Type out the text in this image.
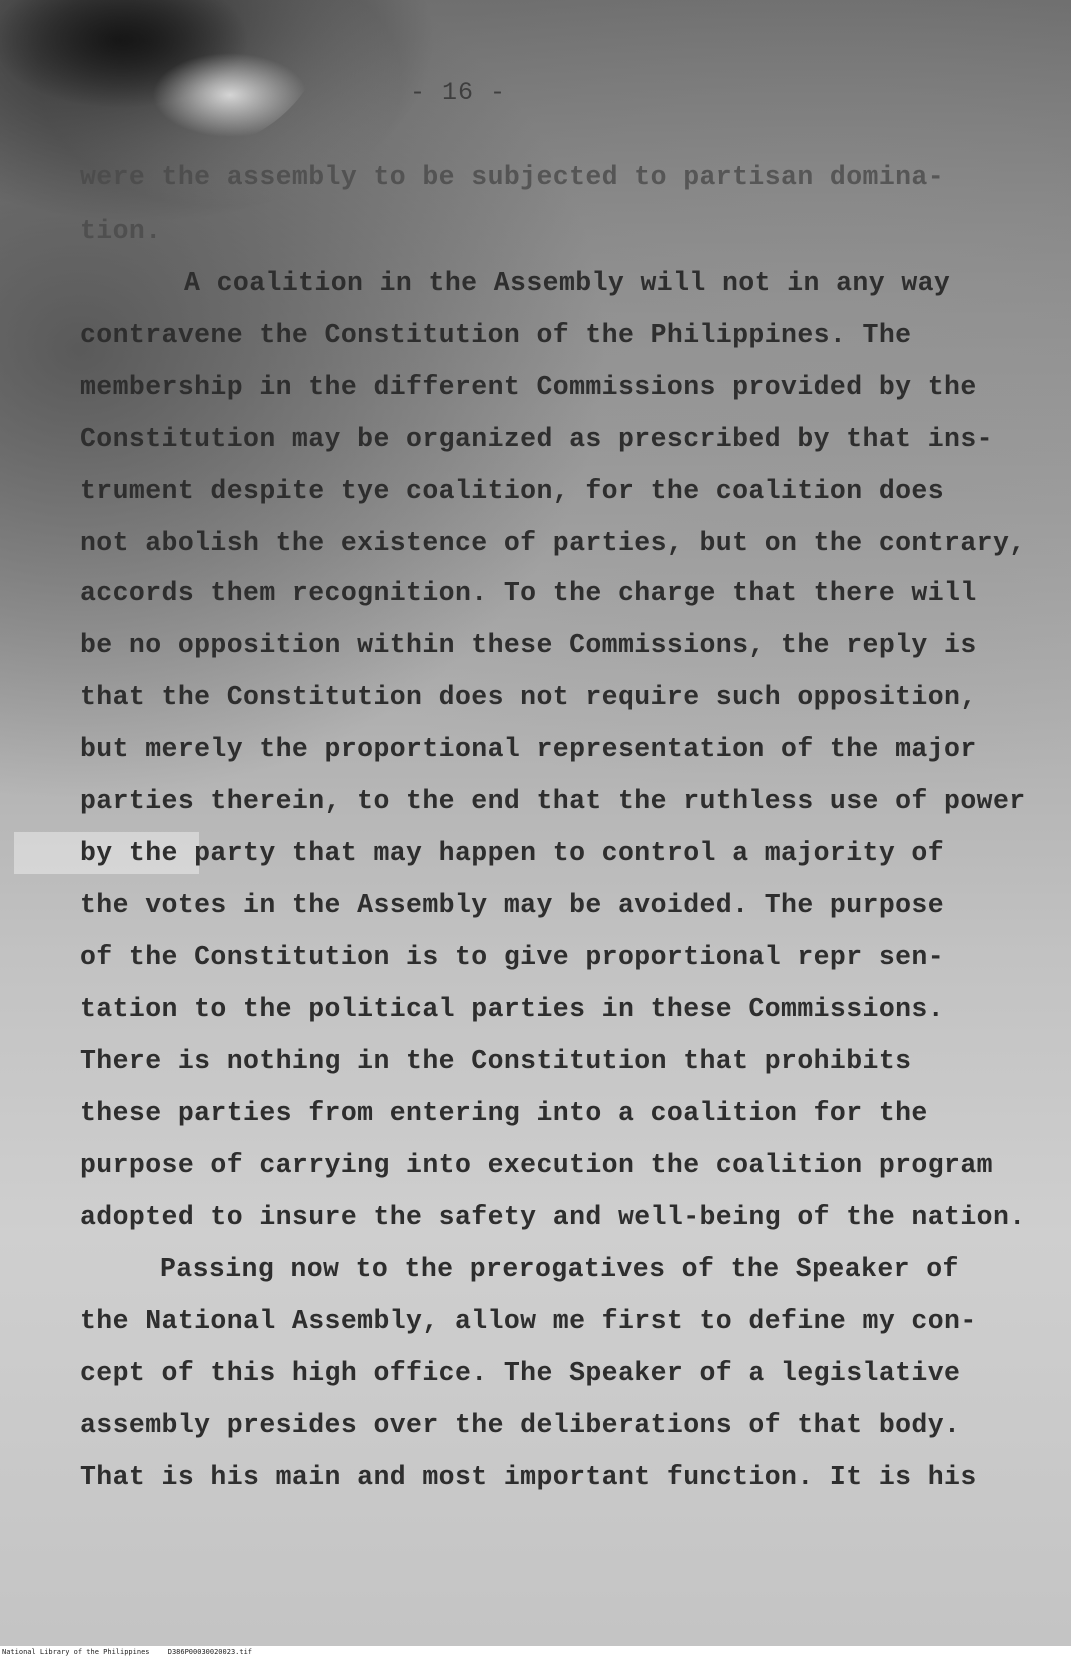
- 16 -
were the assembly to be subjected to partisan domina-
tion.
A coalition in the Assembly will not in any way
contravene the Constitution of the Philippines. The
membership in the different Commissions provided by the
Constitution may be organized as prescribed by that ins-
trument despite tye coalition, for the coalition does
not abolish the existence of parties, but on the contrary,
accords them recognition. To the charge that there will
be no opposition within these Commissions, the reply is
that the Constitution does not require such opposition,
but merely the proportional representation of the major
parties therein, to the end that the ruthless use of power
by the party that may happen to control a majority of
the votes in the Assembly may be avoided. The purpose
of the Constitution is to give proportional repr sen-
tation to the political parties in these Commissions.
There is nothing in the Constitution that prohibits
these parties from entering into a coalition for the
purpose of carrying into execution the coalition program
adopted to insure the safety and well-being of the nation.
Passing now to the prerogatives of the Speaker of
the National Assembly, allow me first to define my con-
cept of this high office. The Speaker of a legislative
assembly presides over the deliberations of that body.
That is his main and most important function. It is his
National Library of the Philippines	D386P00030020023.tif
